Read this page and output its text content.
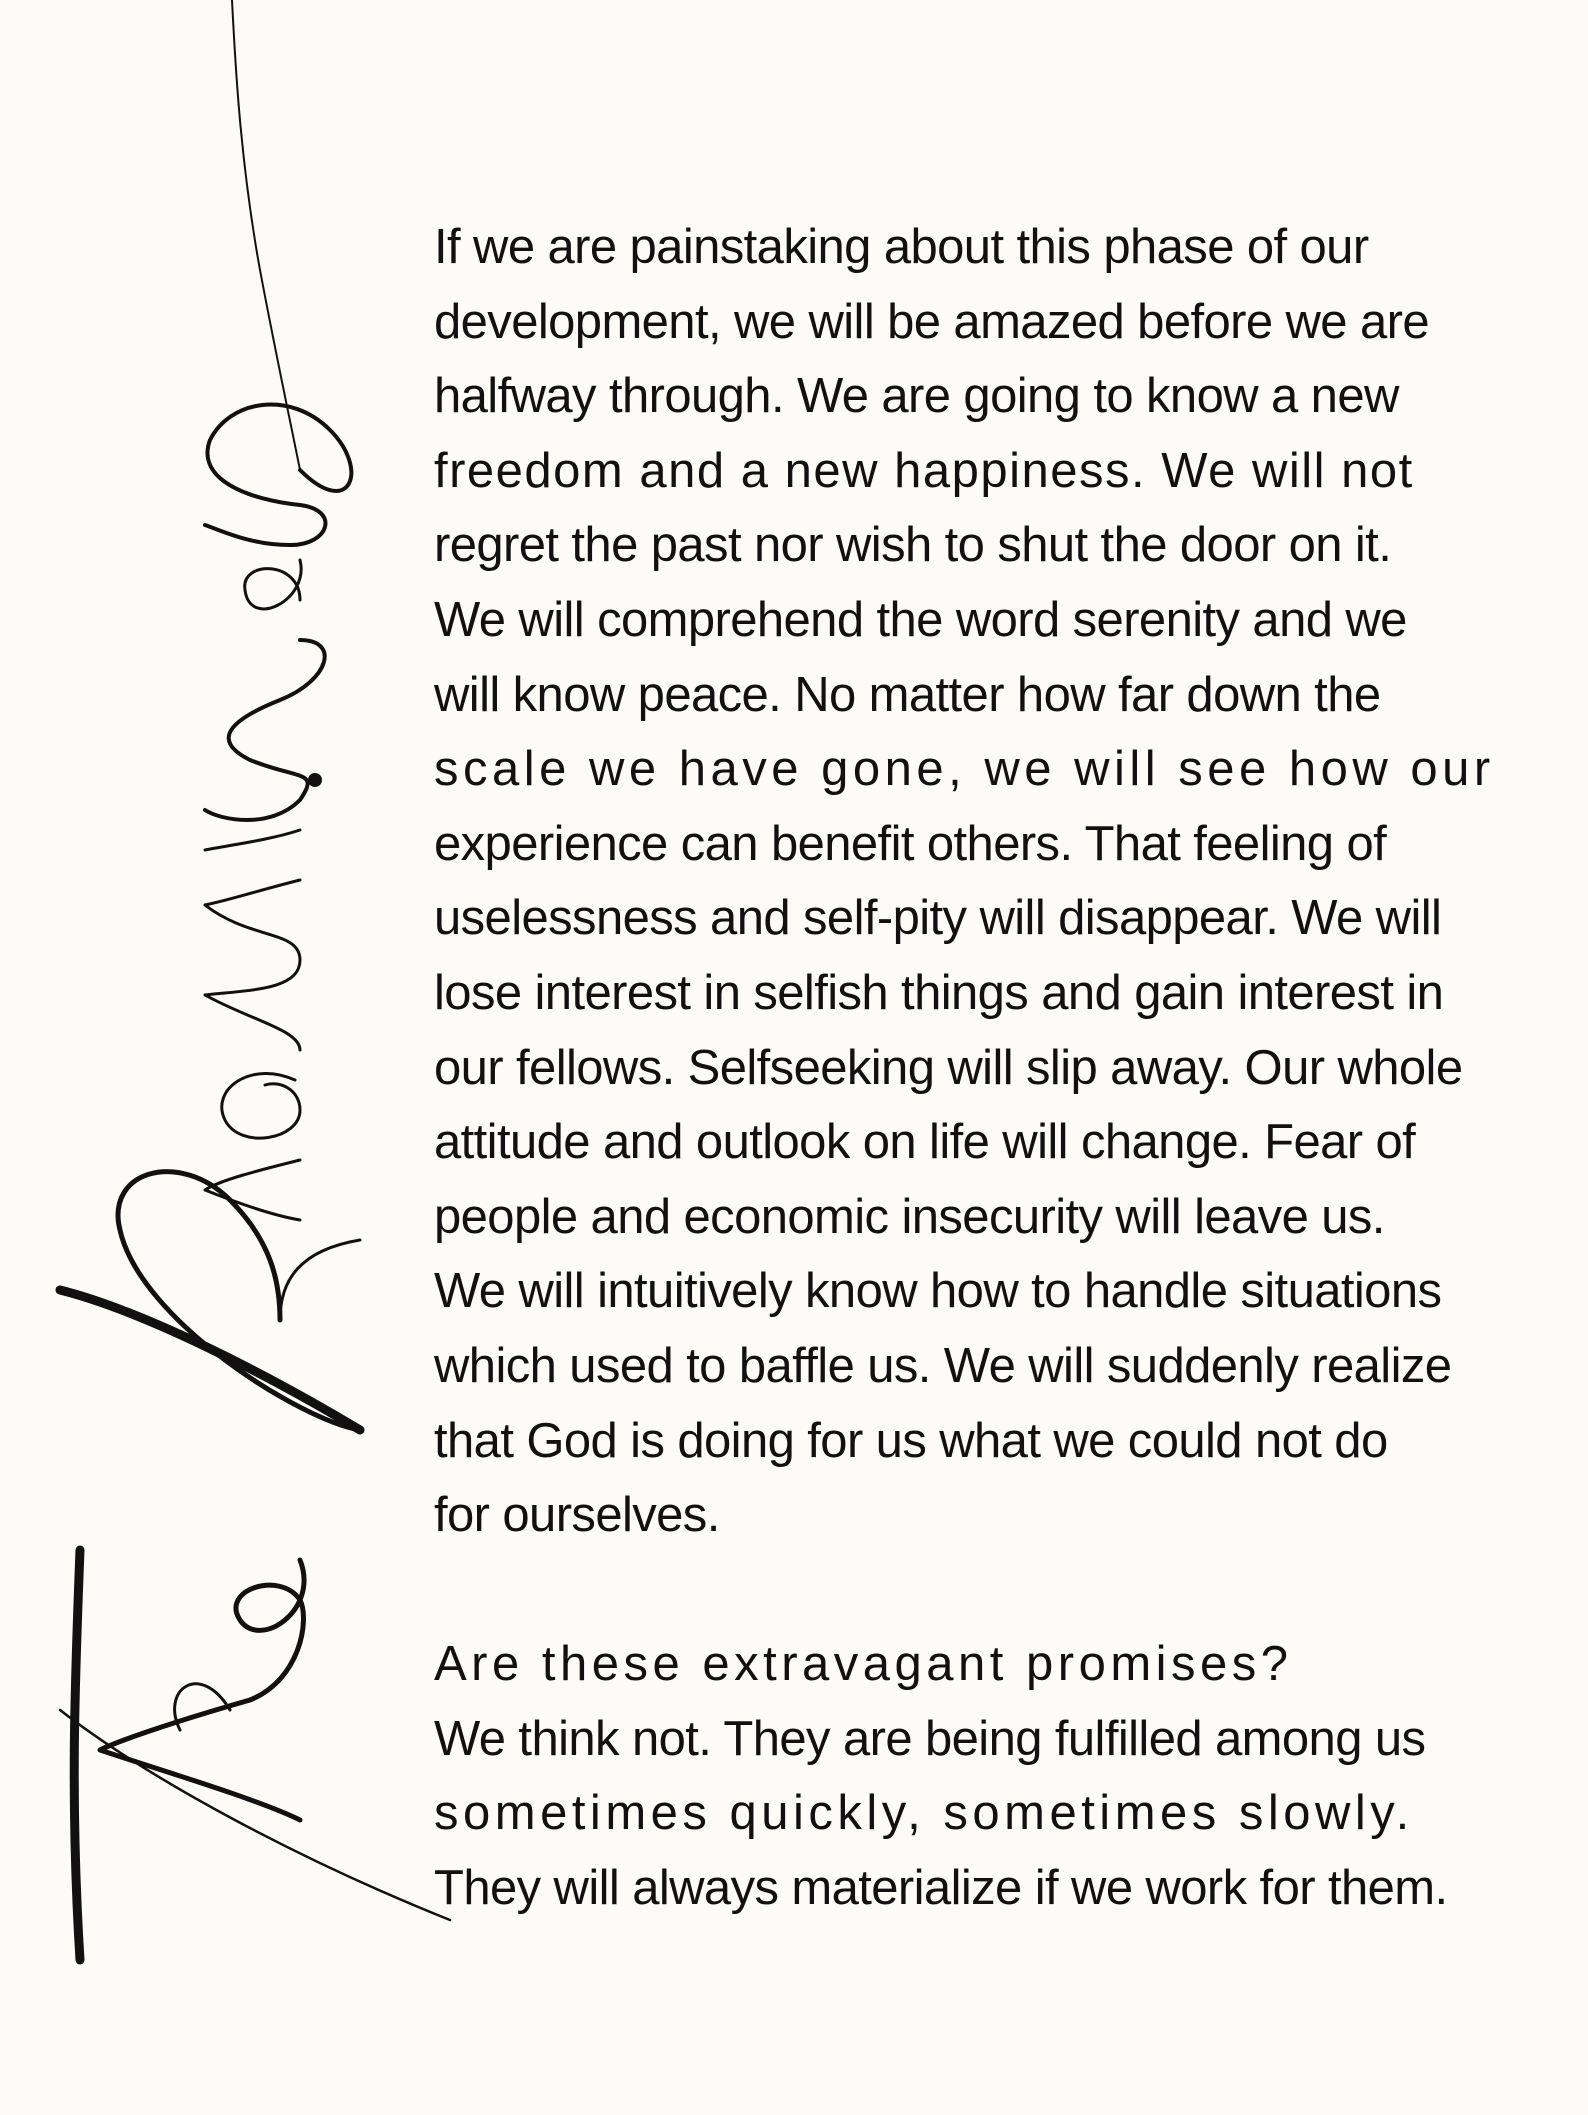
If we are painstaking about this phase of our
development, we will be amazed before we are
halfway through. We are going to know a new
freedom and a new happiness. We will not
regret the past nor wish to shut the door on it.
We will comprehend the word serenity and we
will know peace. No matter how far down the
scale we have gone, we will see how our
experience can benefit others. That feeling of
uselessness and self-pity will disappear. We will
lose interest in selfish things and gain interest in
our fellows. Selfseeking will slip away. Our whole
attitude and outlook on life will change. Fear of
people and economic insecurity will leave us.
We will intuitively know how to handle situations
which used to baffle us. We will suddenly realize
that God is doing for us what we could not do
for ourselves.
Are these extravagant promises?
We think not. They are being fulfilled among us
sometimes quickly, sometimes slowly.
They will always materialize if we work for them.
